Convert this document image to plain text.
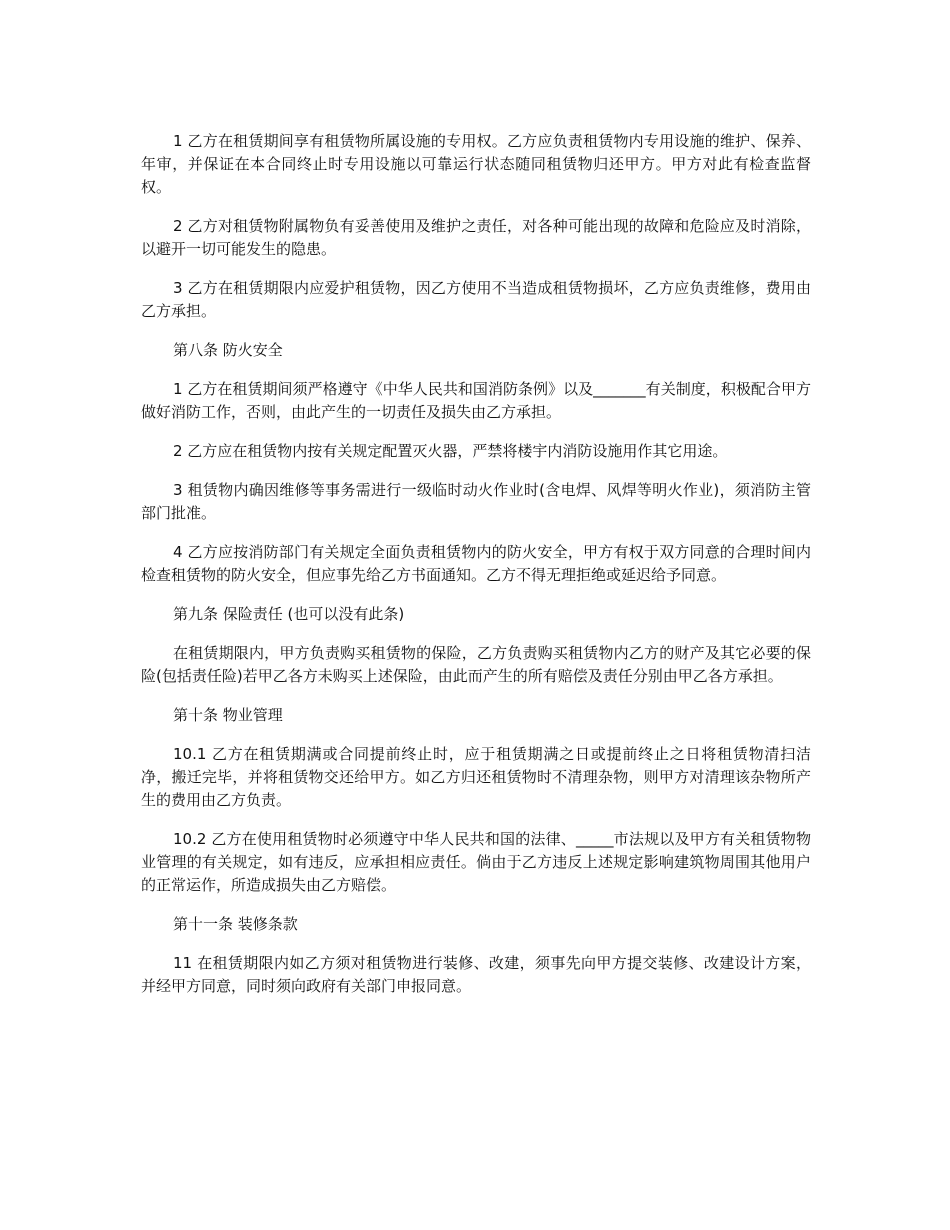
1 乙方在租赁期间享有租赁物所属设施的专用权。乙方应负责租赁物内专用设施的维护、保养、年审，并保证在本合同终止时专用设施以可靠运行状态随同租赁物归还甲方。甲方对此有检查监督权。

2 乙方对租赁物附属物负有妥善使用及维护之责任，对各种可能出现的故障和危险应及时消除，以避开一切可能发生的隐患。

3 乙方在租赁期限内应爱护租赁物，因乙方使用不当造成租赁物损坏，乙方应负责维修，费用由乙方承担。

第八条 防火安全

1 乙方在租赁期间须严格遵守《中华人民共和国消防条例》以及_______有关制度，积极配合甲方做好消防工作，否则，由此产生的一切责任及损失由乙方承担。

2 乙方应在租赁物内按有关规定配置灭火器，严禁将楼宇内消防设施用作其它用途。

3 租赁物内确因维修等事务需进行一级临时动火作业时(含电焊、风焊等明火作业)，须消防主管部门批准。

4 乙方应按消防部门有关规定全面负责租赁物内的防火安全，甲方有权于双方同意的合理时间内检查租赁物的防火安全，但应事先给乙方书面通知。乙方不得无理拒绝或延迟给予同意。

第九条 保险责任 (也可以没有此条)

在租赁期限内，甲方负责购买租赁物的保险，乙方负责购买租赁物内乙方的财产及其它必要的保险(包括责任险)若甲乙各方未购买上述保险，由此而产生的所有赔偿及责任分别由甲乙各方承担。

第十条 物业管理

10.1 乙方在租赁期满或合同提前终止时，应于租赁期满之日或提前终止之日将租赁物清扫洁净，搬迁完毕，并将租赁物交还给甲方。如乙方归还租赁物时不清理杂物，则甲方对清理该杂物所产生的费用由乙方负责。

10.2 乙方在使用租赁物时必须遵守中华人民共和国的法律、_____市法规以及甲方有关租赁物物业管理的有关规定，如有违反，应承担相应责任。倘由于乙方违反上述规定影响建筑物周围其他用户的正常运作，所造成损失由乙方赔偿。

第十一条 装修条款

11 在租赁期限内如乙方须对租赁物进行装修、改建，须事先向甲方提交装修、改建设计方案，并经甲方同意，同时须向政府有关部门申报同意。
